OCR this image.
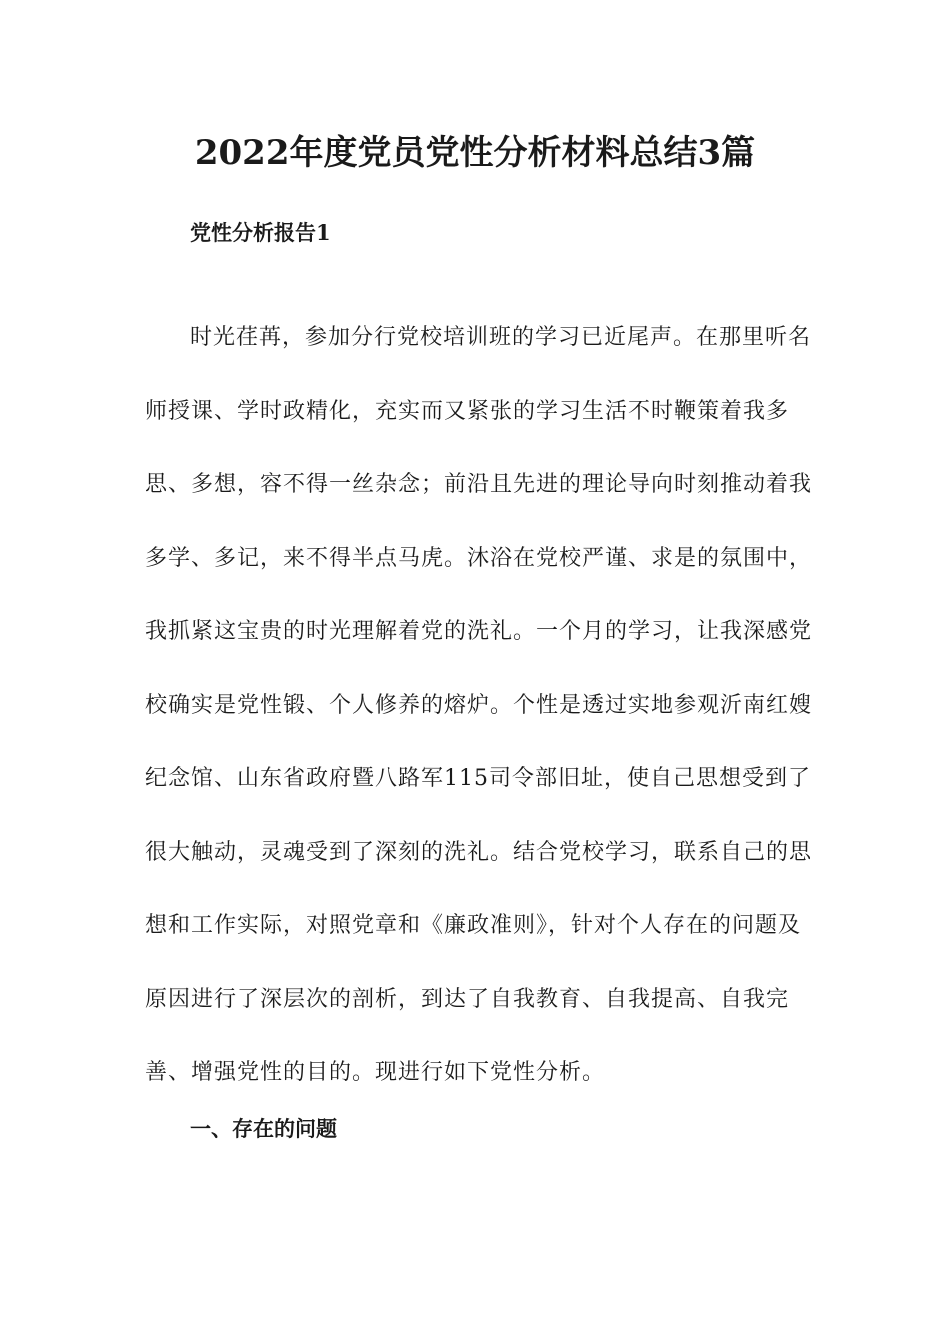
2022年度党员党性分析材料总结3篇
党性分析报告1
时光荏苒，参加分行党校培训班的学习已近尾声。在那里听名
师授课、学时政精化，充实而又紧张的学习生活不时鞭策着我多
思、多想，容不得一丝杂念；前沿且先进的理论导向时刻推动着我
多学、多记，来不得半点马虎。沐浴在党校严谨、求是的氛围中，
我抓紧这宝贵的时光理解着党的洗礼。一个月的学习，让我深感党
校确实是党性锻、个人修养的熔炉。个性是透过实地参观沂南红嫂
纪念馆、山东省政府暨八路军115司令部旧址，使自己思想受到了
很大触动，灵魂受到了深刻的洗礼。结合党校学习，联系自己的思
想和工作实际，对照党章和《廉政准则》，针对个人存在的问题及
原因进行了深层次的剖析，到达了自我教育、自我提高、自我完
善、增强党性的目的。现进行如下党性分析。
一、存在的问题
